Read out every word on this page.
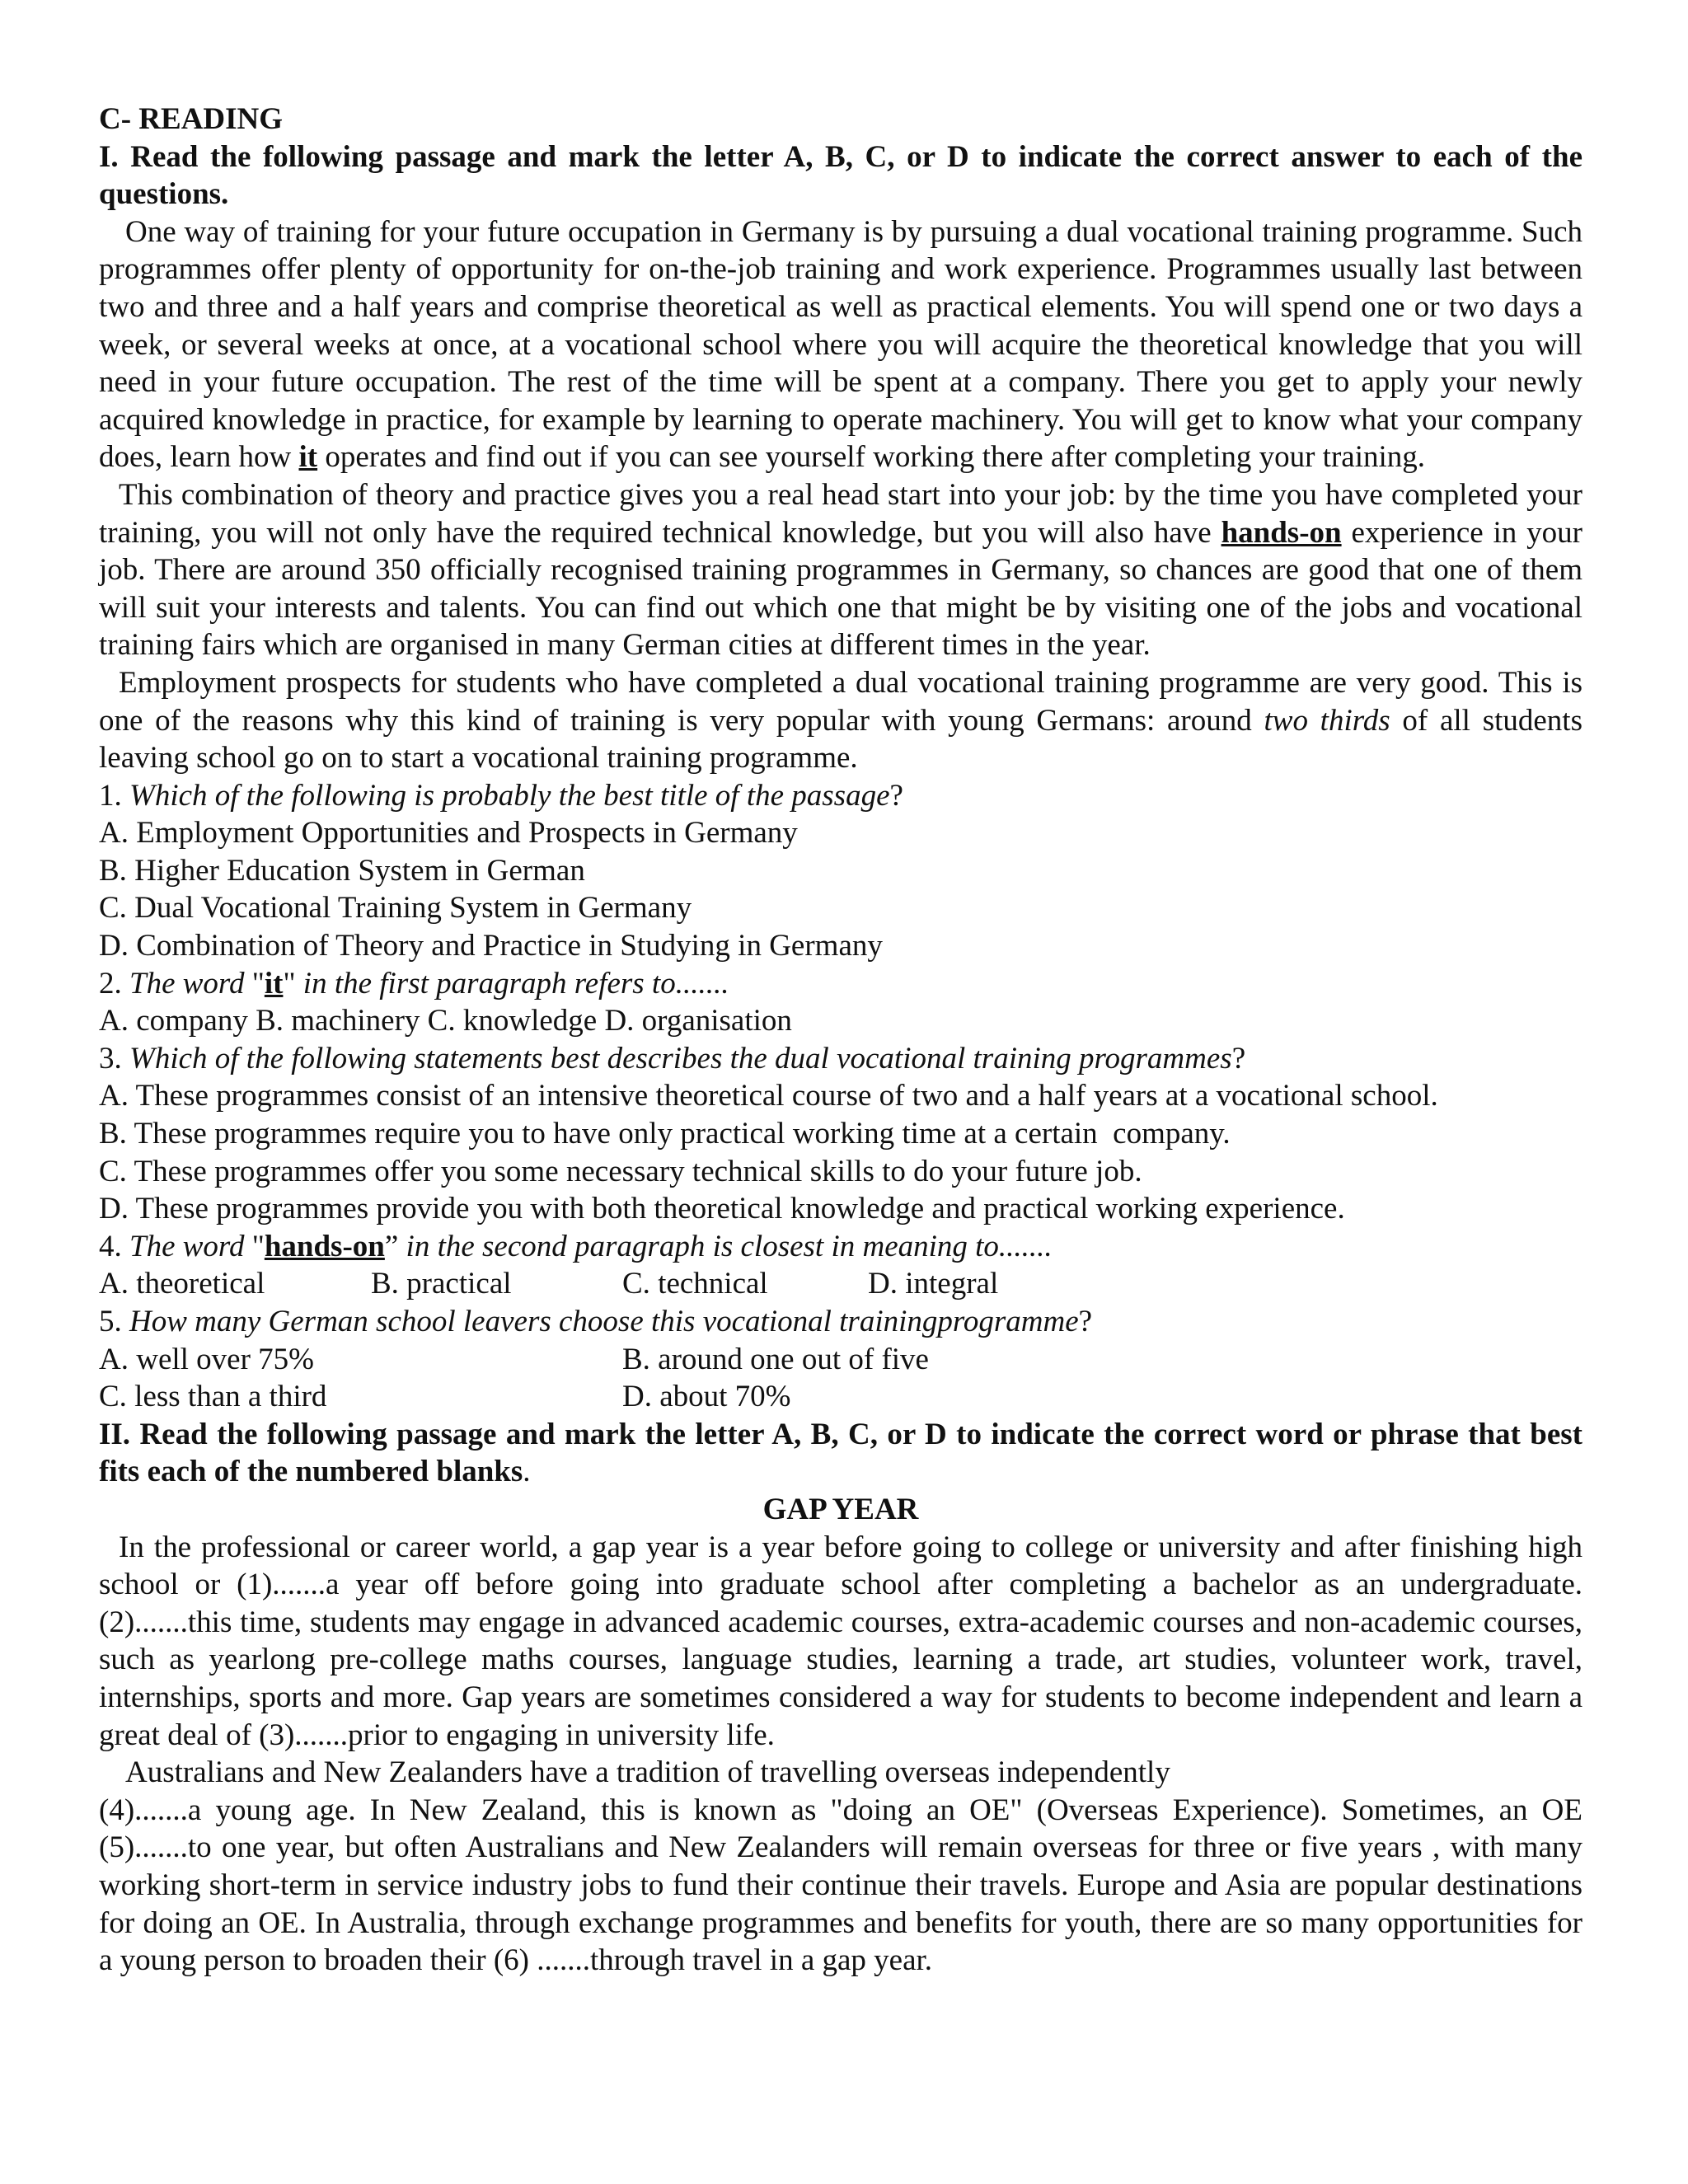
C- READING

I. Read the following passage and mark the letter A, B, C, or D to indicate the correct answer to each of the questions.

One way of training for your future occupation in Germany is by pursuing a dual vocational training programme. Such programmes offer plenty of opportunity for on-the-job training and work experience. Programmes usually last between two and three and a half years and comprise theoretical as well as practical elements. You will spend one or two days a week, or several weeks at once, at a vocational school where you will acquire the theoretical knowledge that you will need in your future occupation. The rest of the time will be spent at a company. There you get to apply your newly acquired knowledge in practice, for example by learning to operate machinery. You will get to know what your company does, learn how it operates and find out if you can see yourself working there after completing your training.

This combination of theory and practice gives you a real head start into your job: by the time you have completed your training, you will not only have the required technical knowledge, but you will also have hands-on experience in your job. There are around 350 officially recognised training programmes in Germany, so chances are good that one of them will suit your interests and talents. You can find out which one that might be by visiting one of the jobs and vocational training fairs which are organised in many German cities at different times in the year.

Employment prospects for students who have completed a dual vocational training programme are very good. This is one of the reasons why this kind of training is very popular with young Germans: around two thirds of all students leaving school go on to start a vocational training programme.

1. Which of the following is probably the best title of the passage?

A. Employment Opportunities and Prospects in Germany

B. Higher Education System in German

C. Dual Vocational Training System in Germany

D. Combination of Theory and Practice in Studying in Germany

2. The word "it" in the first paragraph refers to.......

A. company B. machinery C. knowledge D. organisation

3. Which of the following statements best describes the dual vocational training programmes?

A. These programmes consist of an intensive theoretical course of two and a half years at a vocational school.

B. These programmes require you to have only practical working time at a certain  company.

C. These programmes offer you some necessary technical skills to do your future job.

D. These programmes provide you with both theoretical knowledge and practical working experience.

4. The word "hands-on” in the second paragraph is closest in meaning to.......

A. theoretical	B. practical	C. technical	D. integral

5. How many German school leavers choose this vocational trainingprogramme?

A. well over 75%	B. around one out of five
C. less than a third	D. about 70%

II. Read the following passage and mark the letter A, B, C, or D to indicate the correct word or phrase that best fits each of the numbered blanks.

GAP YEAR

In the professional or career world, a gap year is a year before going to college or university and after finishing high school or (1).......a year off before going into graduate school after completing a bachelor as an undergraduate. (2).......this time, students may engage in advanced academic courses, extra-academic courses and non-academic courses, such as yearlong pre-college maths courses, language studies, learning a trade, art studies, volunteer work, travel, internships, sports and more. Gap years are sometimes considered a way for students to become independent and learn a great deal of (3).......prior to engaging in university life.

Australians and New Zealanders have a tradition of travelling overseas independently

(4).......a young age. In New Zealand, this is known as "doing an OE" (Overseas Experience). Sometimes, an OE (5).......to one year, but often Australians and New Zealanders will remain overseas for three or five years , with many working short-term in service industry jobs to fund their continue their travels. Europe and Asia are popular destinations for doing an OE. In Australia, through exchange programmes and benefits for youth, there are so many opportunities for a young person to broaden their (6) .......through travel in a gap year.
